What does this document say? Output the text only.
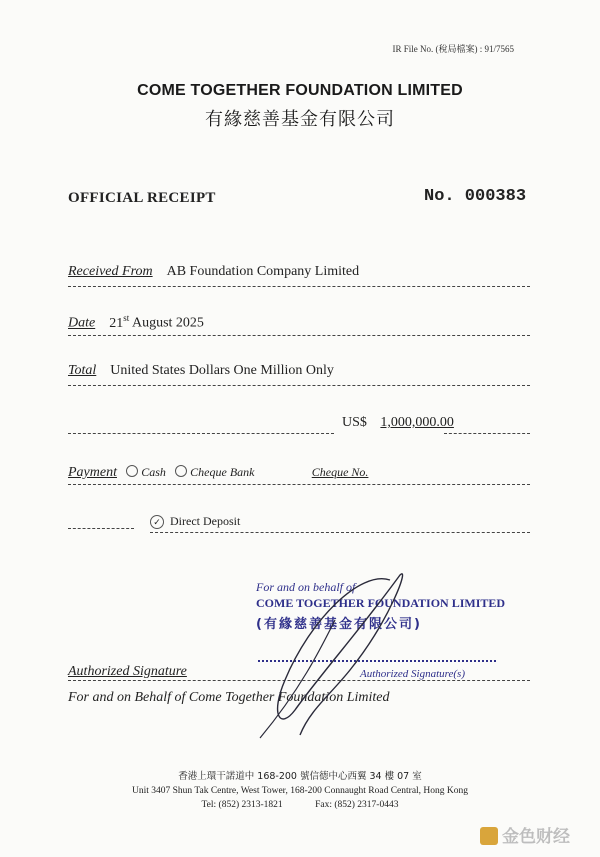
IR File No. (稅局檔案) : 91/7565
COME TOGETHER FOUNDATION LIMITED
有緣慈善基金有限公司
OFFICIAL RECEIPT	No. 000383
Received From AB Foundation Company Limited
Date 21st August 2025
Total United States Dollars One Million Only
US$ 1,000,000.00
Payment Cash Cheque Bank	Cheque No.
✓ Direct Deposit
For and on behalf of
COME TOGETHER FOUNDATION LIMITED
(有緣慈善基金有限公司)
Authorized Signature(s)
Authorized Signature
For and on Behalf of Come Together Foundation Limited
香港上環干諾道中 168-200 號信德中心西翼 34 樓 07 室
Unit 3407 Shun Tak Centre, West Tower, 168-200 Connaught Road Central, Hong Kong
Tel: (852) 2313-1821	Fax: (852) 2317-0443
金色财经
